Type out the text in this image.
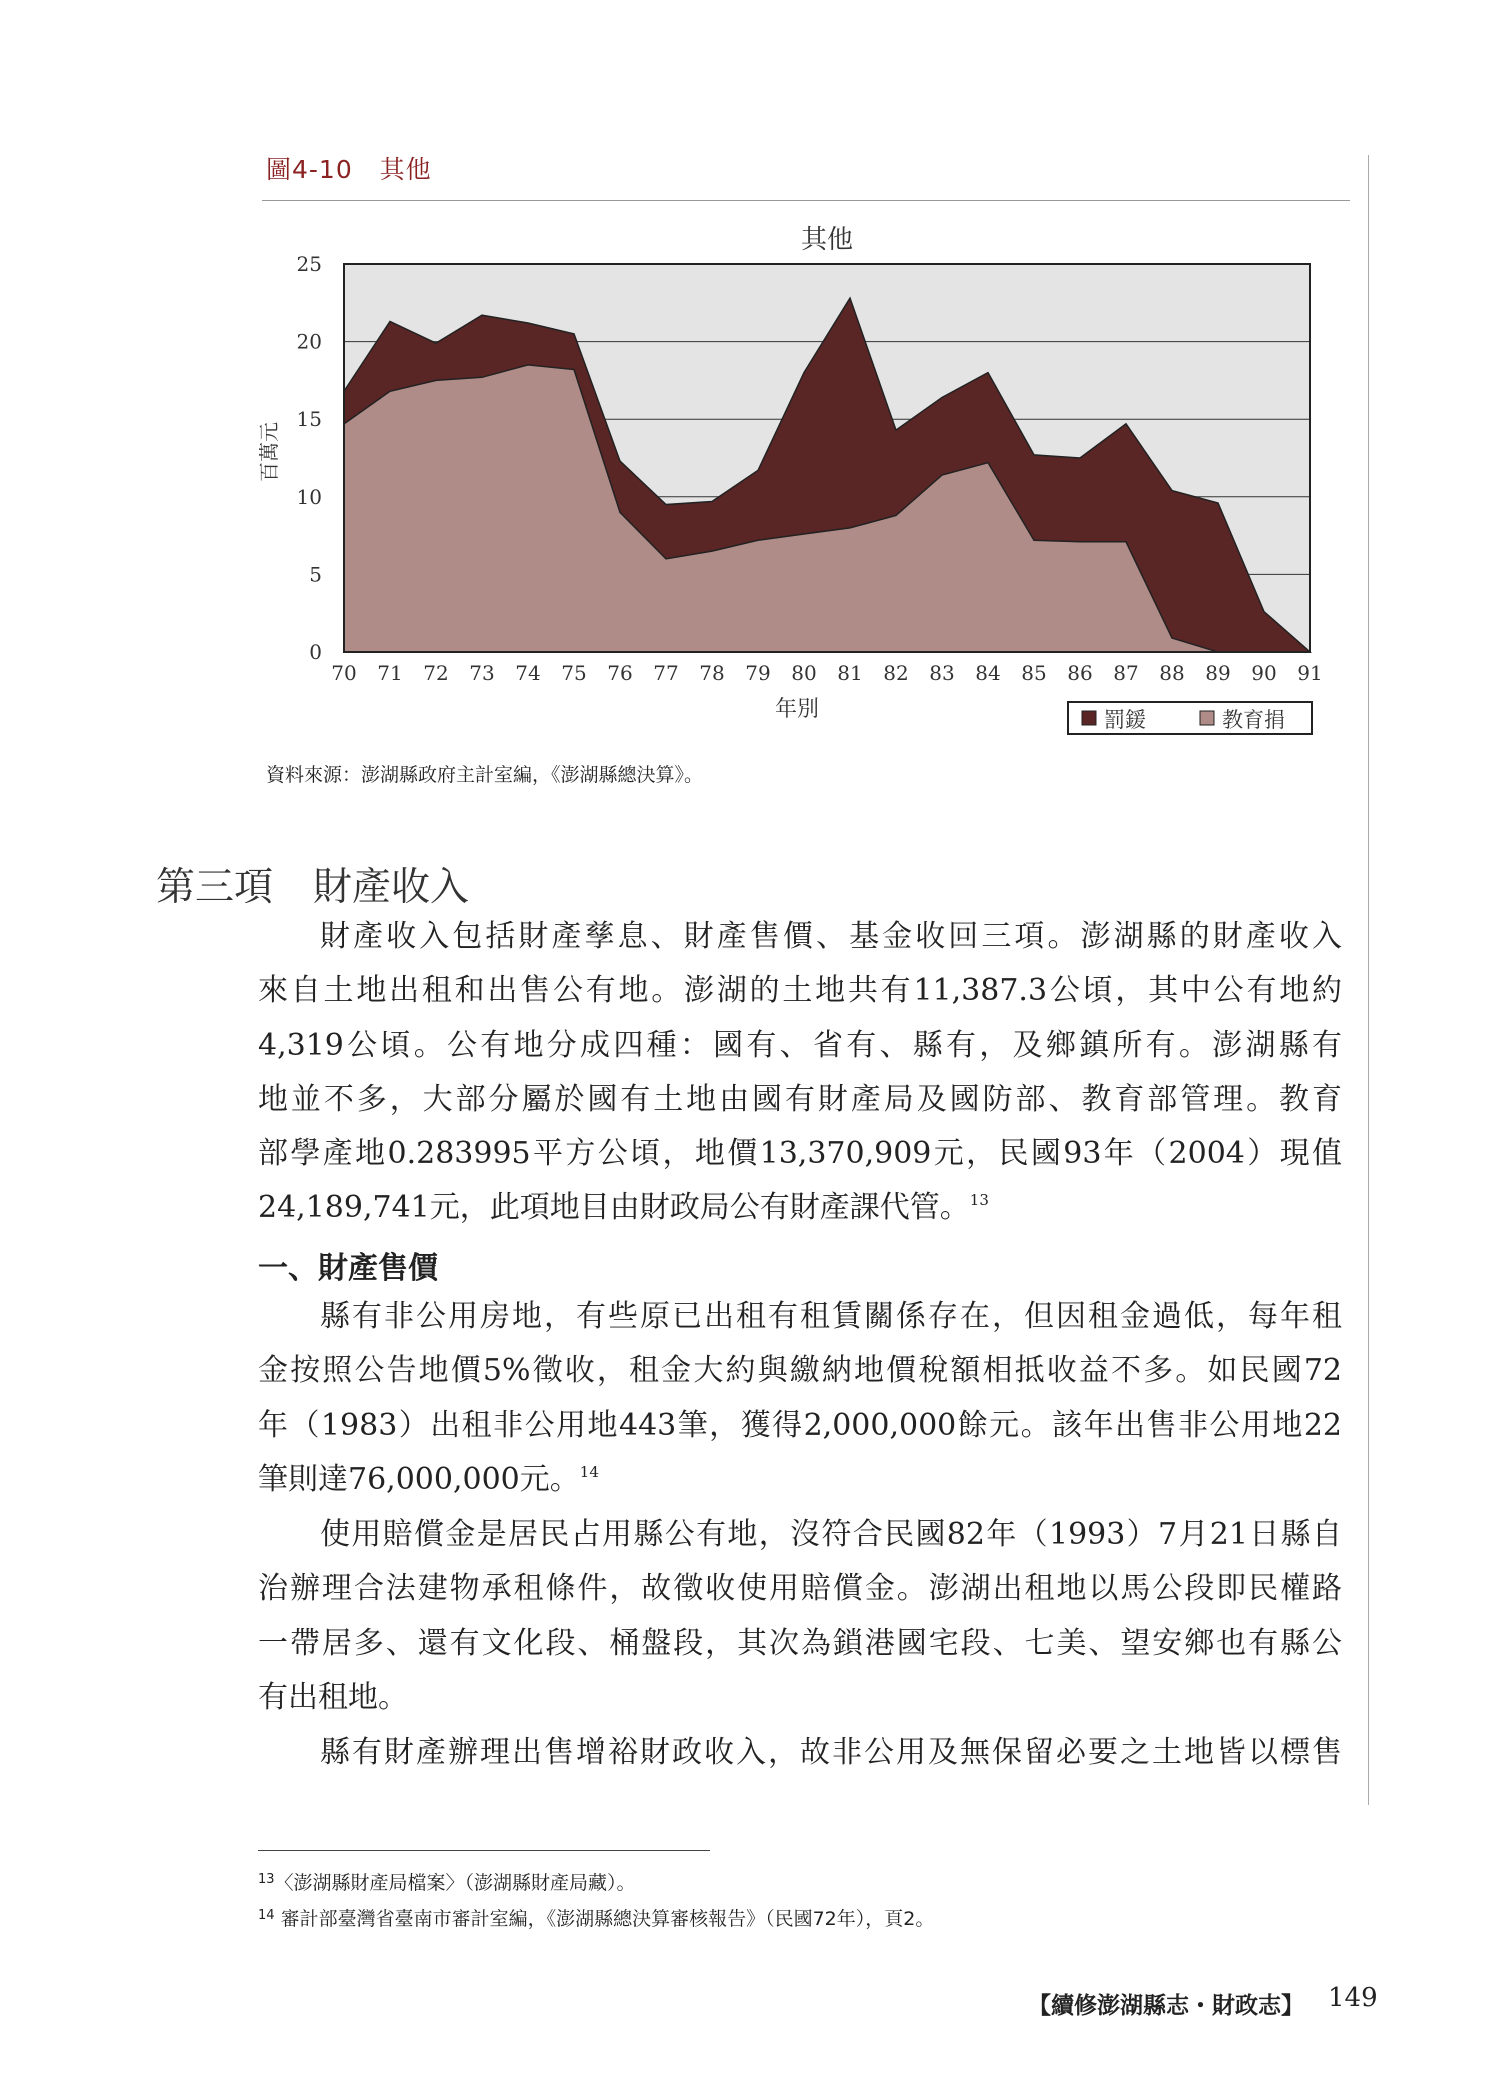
圖4-10 其他
0
5
10
15
20
25
70 71 72 73 74 75 76 77 78 79 80 81 82 83 84 85 86 87 88 89 90 91
其他
年別
百萬元
罰鍰	教育捐
資料來源：澎湖縣政府主計室編，《澎湖縣總決算》。
第三項 財產收入
財產收入包括財產孳息、財產售價、基金收回三項。澎湖縣的財產收入
來自土地出租和出售公有地。澎湖的土地共有11,387.3公頃，其中公有地約
4,319公頃。公有地分成四種：國有、省有、縣有，及鄉鎮所有。澎湖縣有
地並不多，大部分屬於國有土地由國有財產局及國防部、教育部管理。教育
部學產地0.283995平方公頃，地價13,370,909元，民國93年（2004）現值
24,189,741元，此項地目由財政局公有財產課代管。$^{13}$
一、財產售價
縣有非公用房地，有些原已出租有租賃關係存在，但因租金過低，每年租
金按照公告地價5%徵收，租金大約與繳納地價稅額相抵收益不多。如民國72
年（1983）出租非公用地443筆，獲得2,000,000餘元。該年出售非公用地22
筆則達76,000,000元。$^{14}$
使用賠償金是居民占用縣公有地，沒符合民國82年（1993）7月21日縣自
治辦理合法建物承租條件，故徵收使用賠償金。澎湖出租地以馬公段即民權路
一帶居多、還有文化段、桶盤段，其次為鎖港國宅段、七美、望安鄉也有縣公
有出租地。
縣有財產辦理出售增裕財政收入，故非公用及無保留必要之土地皆以標售
$^{13}$〈澎湖縣財產局檔案〉（澎湖縣財產局藏）。
$^{14}$ 審計部臺灣省臺南市審計室編，《澎湖縣總決算審核報告》（民國72年），頁2。
【續修澎湖縣志・財政志】 149
